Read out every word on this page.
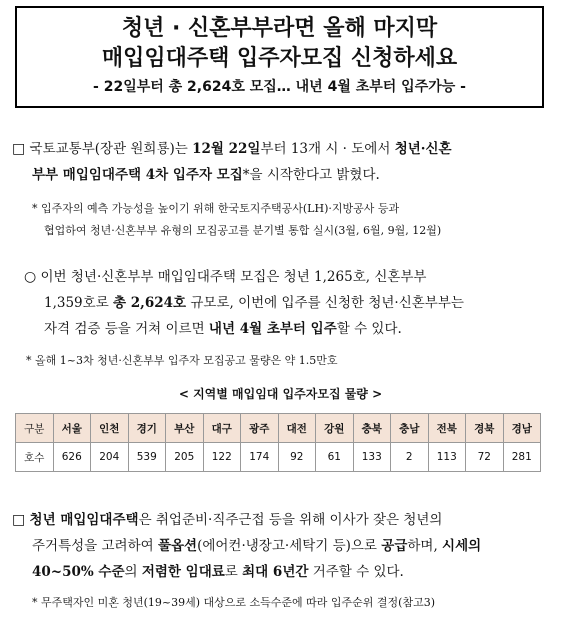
청년 · 신혼부부라면 올해 마지막
매입임대주택 입주자모집 신청하세요
- 22일부터 총 2,624호 모집… 내년 4월 초부터 입주가능 -
□ 국토교통부(장관 원희룡)는 12월 22일부터 13개 시 · 도에서 청년·신혼
부부 매입임대주택 4차 입주자 모집*을 시작한다고 밝혔다.
* 입주자의 예측 가능성을 높이기 위해 한국토지주택공사(LH)·지방공사 등과
협업하여 청년·신혼부부 유형의 모집공고를 분기별 통합 실시(3월, 6월, 9월, 12월)
○ 이번 청년·신혼부부 매입임대주택 모집은 청년 1,265호, 신혼부부
1,359호로 총 2,624호 규모로, 이번에 입주를 신청한 청년·신혼부부는
자격 검증 등을 거쳐 이르면 내년 4월 초부터 입주할 수 있다.
* 올해 1~3차 청년·신혼부부 입주자 모집공고 물량은 약 1.5만호
< 지역별 매입임대 입주자모집 물량 >
구분	서울	인천	경기	부산	대구	광주	대전	강원	충북	충남	전북	경북	경남
호수	626	204	539	205	122	174	92	61	133	2	113	72	281
□ 청년 매입임대주택은 취업준비·직주근접 등을 위해 이사가 잦은 청년의
주거특성을 고려하여 풀옵션(에어컨·냉장고·세탁기 등)으로 공급하며, 시세의
40~50% 수준의 저렴한 임대료로 최대 6년간 거주할 수 있다.
* 무주택자인 미혼 청년(19~39세) 대상으로 소득수준에 따라 입주순위 결정(참고3)
